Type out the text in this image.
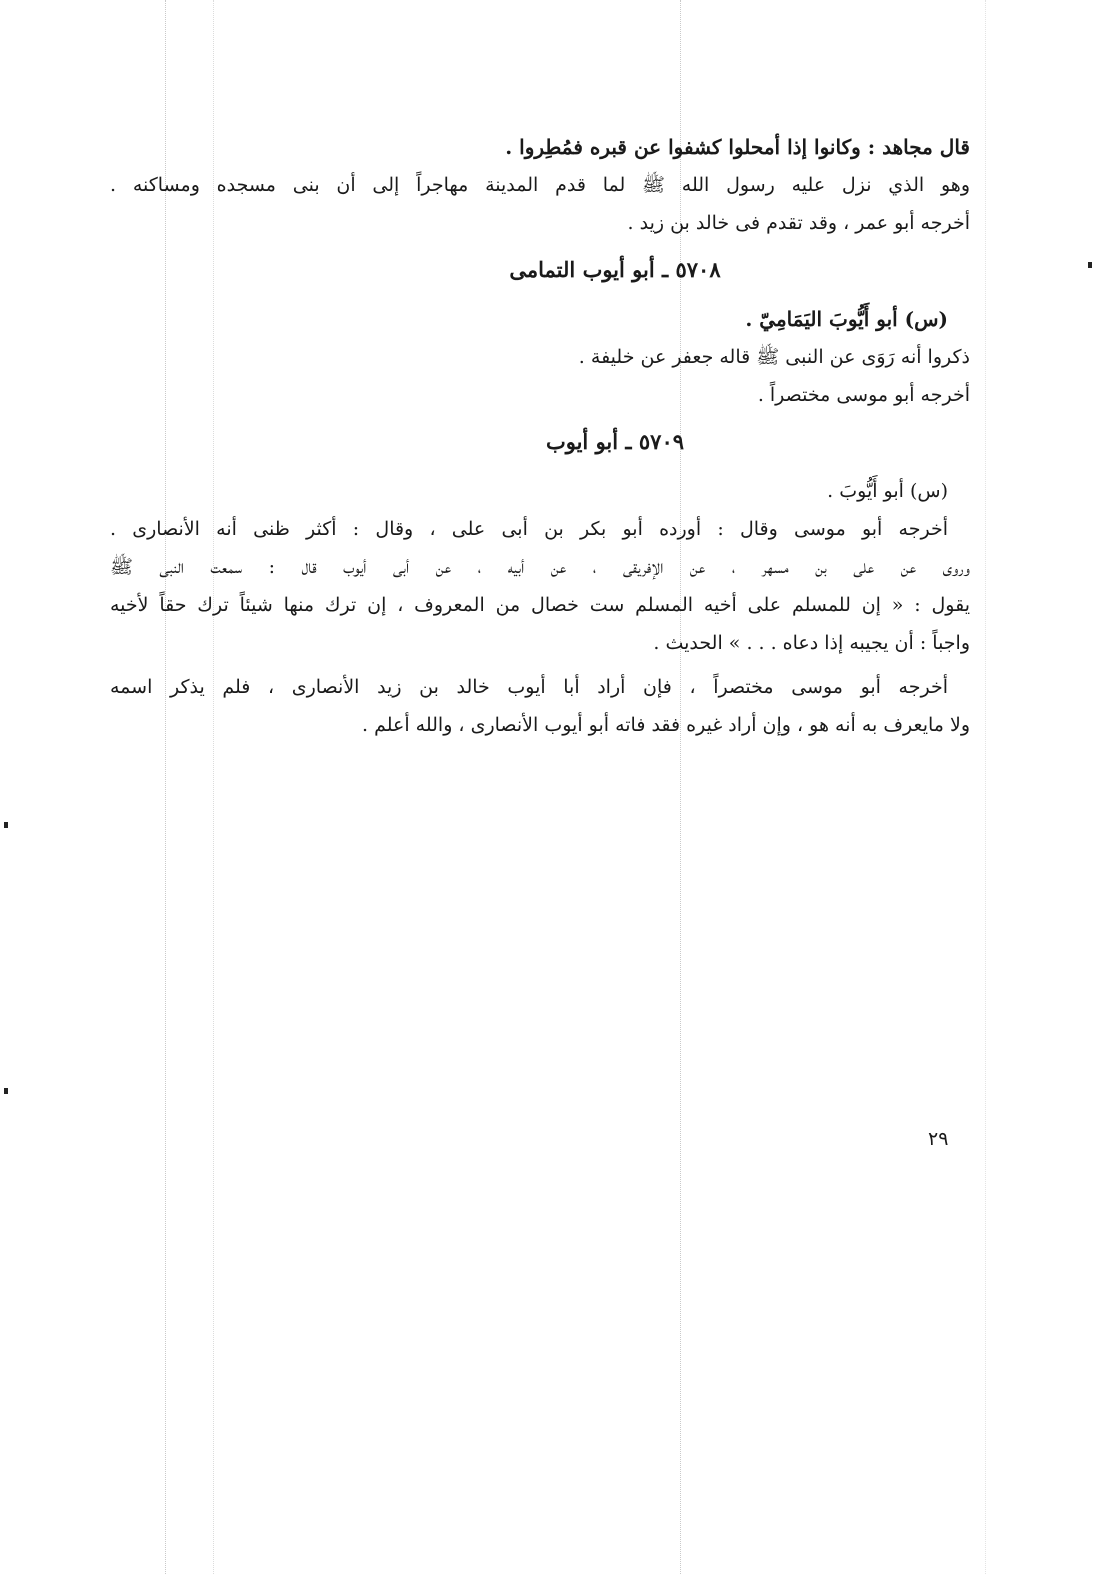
قال مجاهد : وكانوا إذا أمحلوا كشفوا عن قبره فمُطِروا .

وهو الذي نزل عليه رسول الله ﷺ لما قدم المدينة مهاجراً إلى أن بنى مسجده ومساكنه .

أخرجه أبو عمر ، وقد تقدم فى خالد بن زيد .

٥٧٠٨ ـ أبو أيوب التمامى

(س) أبو أَيُّوبَ اليَمَامِيّ .

ذكروا أنه رَوَى عن النبى ﷺ قاله جعفر عن خليفة .

أخرجه أبو موسى مختصراً .

٥٧٠٩ ـ أبو أيوب

(س) أبو أَيُّوبَ .

أخرجه أبو موسى وقال : أورده أبو بكر بن أبى على ، وقال : أكثر ظنى أنه الأنصارى .

وروى عن على بن مسهر ، عن الإفريقى ، عن أبيه ، عن أبى أيوب قال : سمعت النبى ﷺ

يقول : « إن للمسلم على أخيه المسلم ست خصال من المعروف ، إن ترك منها شيئاً ترك حقاً لأخيه

واجباً : أن يجيبه إذا دعاه . . . » الحديث .

أخرجه أبو موسى مختصراً ، فإن أراد أبا أيوب خالد بن زيد الأنصارى ، فلم يذكر اسمه

ولا مايعرف به أنه هو ، وإن أراد غيره فقد فاته أبو أيوب الأنصارى ، والله أعلم .

٢٩
